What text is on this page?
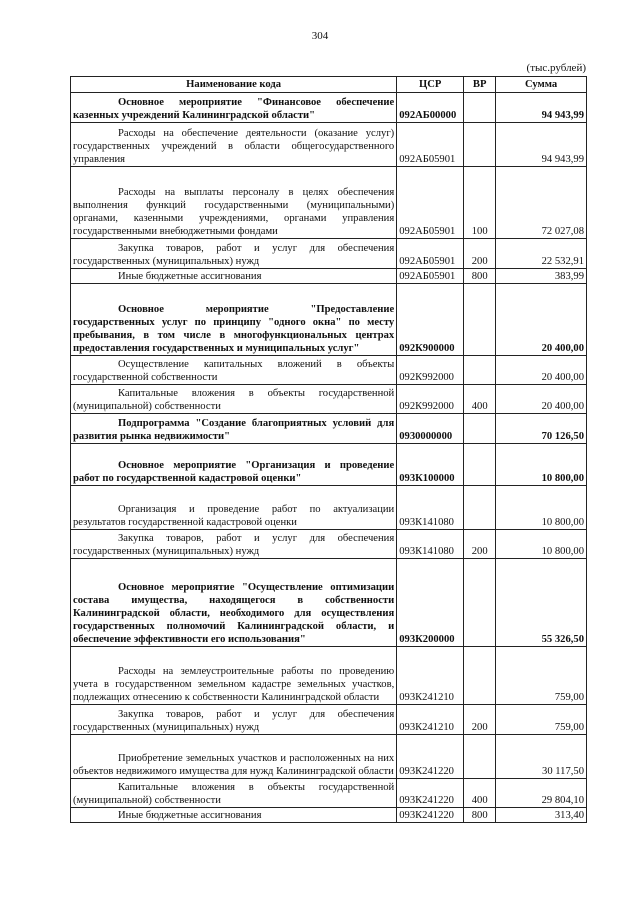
304
(тыс.рублей)
Наименование кода	ЦСР	ВР	Сумма
Основное мероприятие "Финансовое обеспечение казенных учреждений Калининградской области"	092АБ00000		94 943,99
Расходы на обеспечение деятельности (оказание услуг) государственных учреждений в области общегосударственного управления	092АБ05901		94 943,99
Расходы на выплаты персоналу в целях обеспечения выполнения функций государственными (муниципальными) органами, казенными учреждениями, органами управления государственными внебюджетными фондами	092АБ05901	100	72 027,08
Закупка товаров, работ и услуг для обеспечения государственных (муниципальных) нужд	092АБ05901	200	22 532,91
Иные бюджетные ассигнования	092АБ05901	800	383,99
Основное мероприятие "Предоставление государственных услуг по принципу "одного окна" по месту пребывания, в том числе в многофункциональных центрах предоставления государственных и муниципальных услуг"	092К900000		20 400,00
Осуществление капитальных вложений в объекты государственной собственности	092К992000		20 400,00
Капитальные вложения в объекты государственной (муниципальной) собственности	092К992000	400	20 400,00
Подпрограмма "Создание благоприятных условий для развития рынка недвижимости"	0930000000		70 126,50
Основное мероприятие "Организация и проведение работ по государственной кадастровой оценки"	093К100000		10 800,00
Организация и проведение работ по актуализации результатов государственной кадастровой оценки	093К141080		10 800,00
Закупка товаров, работ и услуг для обеспечения государственных (муниципальных) нужд	093К141080	200	10 800,00
Основное мероприятие "Осуществление оптимизации состава имущества, находящегося в собственности Калининградской области, необходимого для осуществления государственных полномочий Калининградской области, и обеспечение эффективности его использования"	093К200000		55 326,50
Расходы на землеустроительные работы по проведению учета в государственном земельном кадастре земельных участков, подлежащих отнесению к собственности Калининградской области	093К241210		759,00
Закупка товаров, работ и услуг для обеспечения государственных (муниципальных) нужд	093К241210	200	759,00
Приобретение земельных участков и расположенных на них объектов недвижимого имущества для нужд Калининградской области	093К241220		30 117,50
Капитальные вложения в объекты государственной (муниципальной) собственности	093К241220	400	29 804,10
Иные бюджетные ассигнования	093К241220	800	313,40
